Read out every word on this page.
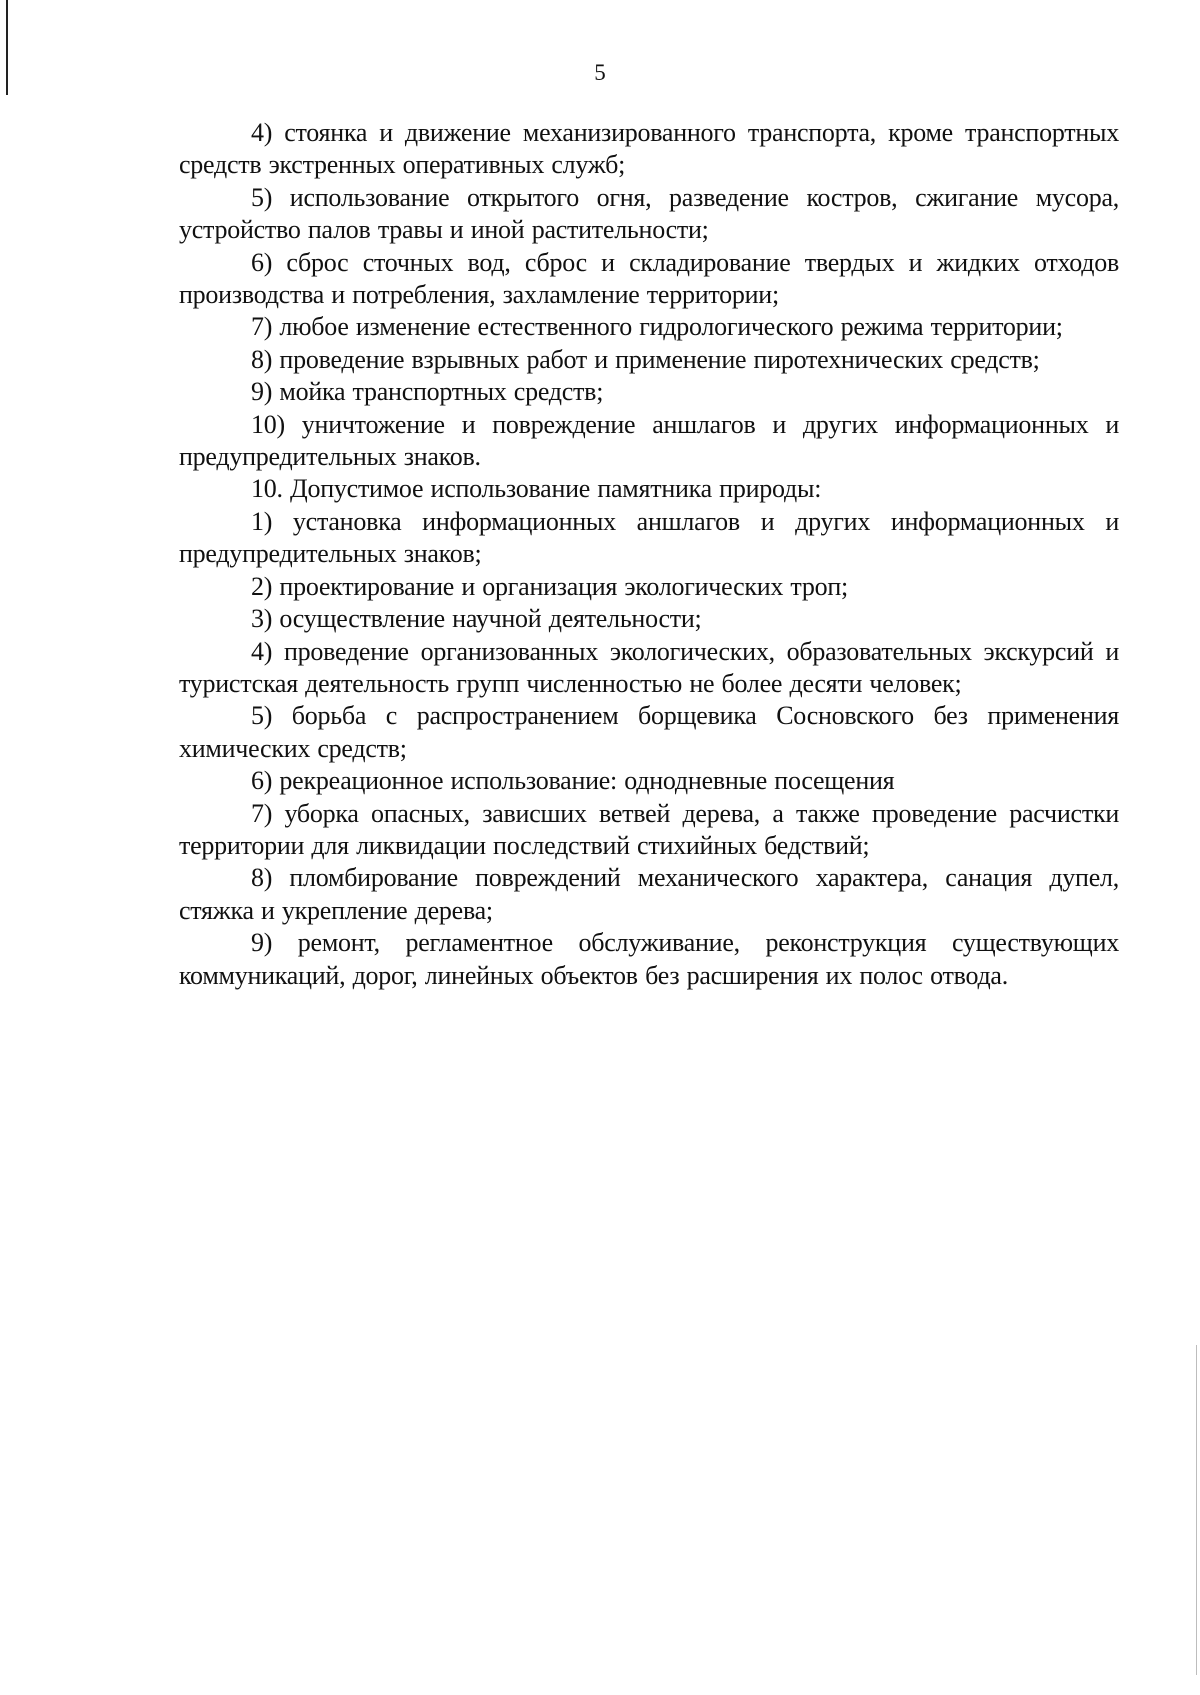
5

4) стоянка и движение механизированного транспорта, кроме транспортных средств экстренных оперативных служб;

5) использование открытого огня, разведение костров, сжигание мусора, устройство палов травы и иной растительности;

6) сброс сточных вод, сброс и складирование твердых и жидких отходов производства и потребления, захламление территории;

7) любое изменение естественного гидрологического режима территории;

8) проведение взрывных работ и применение пиротехнических средств;

9) мойка транспортных средств;

10) уничтожение и повреждение аншлагов и других информационных и предупредительных знаков.

10. Допустимое использование памятника природы:

1) установка информационных аншлагов и других информационных и предупредительных знаков;

2) проектирование и организация экологических троп;

3) осуществление научной деятельности;

4) проведение организованных экологических, образовательных экскурсий и туристская деятельность групп численностью не более десяти человек;

5) борьба с распространением борщевика Сосновского без применения химических средств;

6) рекреационное использование: однодневные посещения

7) уборка опасных, зависших ветвей дерева, а также проведение расчистки территории для ликвидации последствий стихийных бедствий;

8) пломбирование повреждений механического характера, санация дупел, стяжка и укрепление дерева;

9) ремонт, регламентное обслуживание, реконструкция существующих коммуникаций, дорог, линейных объектов без расширения их полос отвода.
